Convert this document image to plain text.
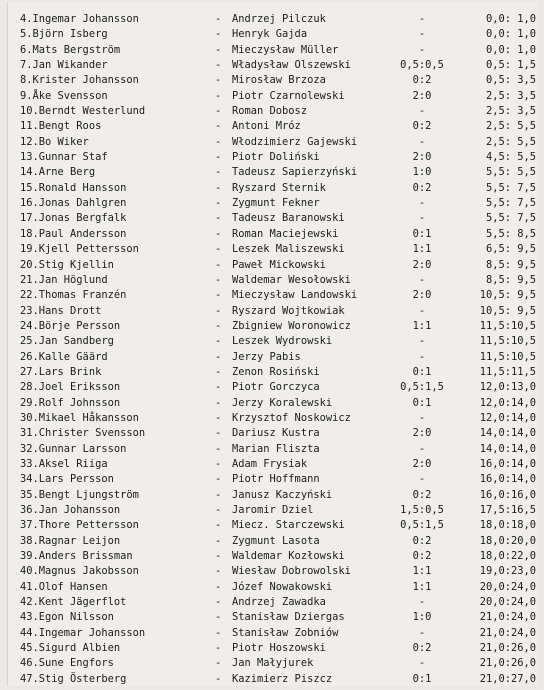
4.Ingemar Johansson	- Andrzej Pilczuk	-	0,0: 1,0
5.Björn Isberg	- Henryk Gajda	-	0,0: 1,0
6.Mats Bergström	- Mieczysław Müller	-	0,0: 1,0
7.Jan Wikander	- Władysław Olszewski	0,5:0,5	0,5: 1,5
8.Krister Johansson	- Mirosław Brzoza	0:2	0,5: 3,5
9.Åke Svensson	- Piotr Czarnolewski	2:0	2,5: 3,5
10.Berndt Westerlund	- Roman Dobosz	-	2,5: 3,5
11.Bengt Roos	- Antoni Mróz	0:2	2,5: 5,5
12.Bo Wiker	- Włodzimierz Gajewski	-	2,5: 5,5
13.Gunnar Staf	- Piotr Doliński	2:0	4,5: 5,5
14.Arne Berg	- Tadeusz Sapierzyński	1:0	5,5: 5,5
15.Ronald Hansson	- Ryszard Sternik	0:2	5,5: 7,5
16.Jonas Dahlgren	- Zygmunt Fekner	-	5,5: 7,5
17.Jonas Bergfalk	- Tadeusz Baranowski	-	5,5: 7,5
18.Paul Andersson	- Roman Maciejewski	0:1	5,5: 8,5
19.Kjell Pettersson	- Leszek Maliszewski	1:1	6,5: 9,5
20.Stig Kjellin	- Paweł Mickowski	2:0	8,5: 9,5
21.Jan Höglund	- Waldemar Wesołowski	-	8,5: 9,5
22.Thomas Franzén	- Mieczysław Landowski	2:0	10,5: 9,5
23.Hans Drott	- Ryszard Wojtkowiak	-	10,5: 9,5
24.Börje Persson	- Zbigniew Woronowicz	1:1	11,5:10,5
25.Jan Sandberg	- Leszek Wydrowski	-	11,5:10,5
26.Kalle Gäärd	- Jerzy Pabis	-	11,5:10,5
27.Lars Brink	- Zenon Rosiński	0:1	11,5:11,5
28.Joel Eriksson	- Piotr Gorczyca	0,5:1,5	12,0:13,0
29.Rolf Johnsson	- Jerzy Koralewski	0:1	12,0:14,0
30.Mikael Håkansson	- Krzysztof Noskowicz	-	12,0:14,0
31.Christer Svensson	- Dariusz Kustra	2:0	14,0:14,0
32.Gunnar Larsson	- Marian Fliszta	-	14,0:14,0
33.Aksel Riiga	- Adam Frysiak	2:0	16,0:14,0
34.Lars Persson	- Piotr Hoffmann	-	16,0:14,0
35.Bengt Ljungström	- Janusz Kaczyński	0:2	16,0:16,0
36.Jan Johansson	- Jaromir Dziel	1,5:0,5	17,5:16,5
37.Thore Pettersson	- Miecz. Starczewski	0,5:1,5	18,0:18,0
38.Ragnar Leijon	- Zygmunt Lasota	0:2	18,0:20,0
39.Anders Brissman	- Waldemar Kozłowski	0:2	18,0:22,0
40.Magnus Jakobsson	- Wiesław Dobrowolski	1:1	19,0:23,0
41.Olof Hansen	- Józef Nowakowski	1:1	20,0:24,0
42.Kent Jägerflot	- Andrzej Zawadka	-	20,0:24,0
43.Egon Nilsson	- Stanisław Dziergas	1:0	21,0:24,0
44.Ingemar Johansson	- Stanisław Zobniów	-	21,0:24,0
45.Sigurd Albien	- Piotr Hoszowski	0:2	21,0:26,0
46.Sune Engfors	- Jan Małyjurek	-	21,0:26,0
47.Stig Österberg	- Kazimierz Piszcz	0:1	21,0:27,0
